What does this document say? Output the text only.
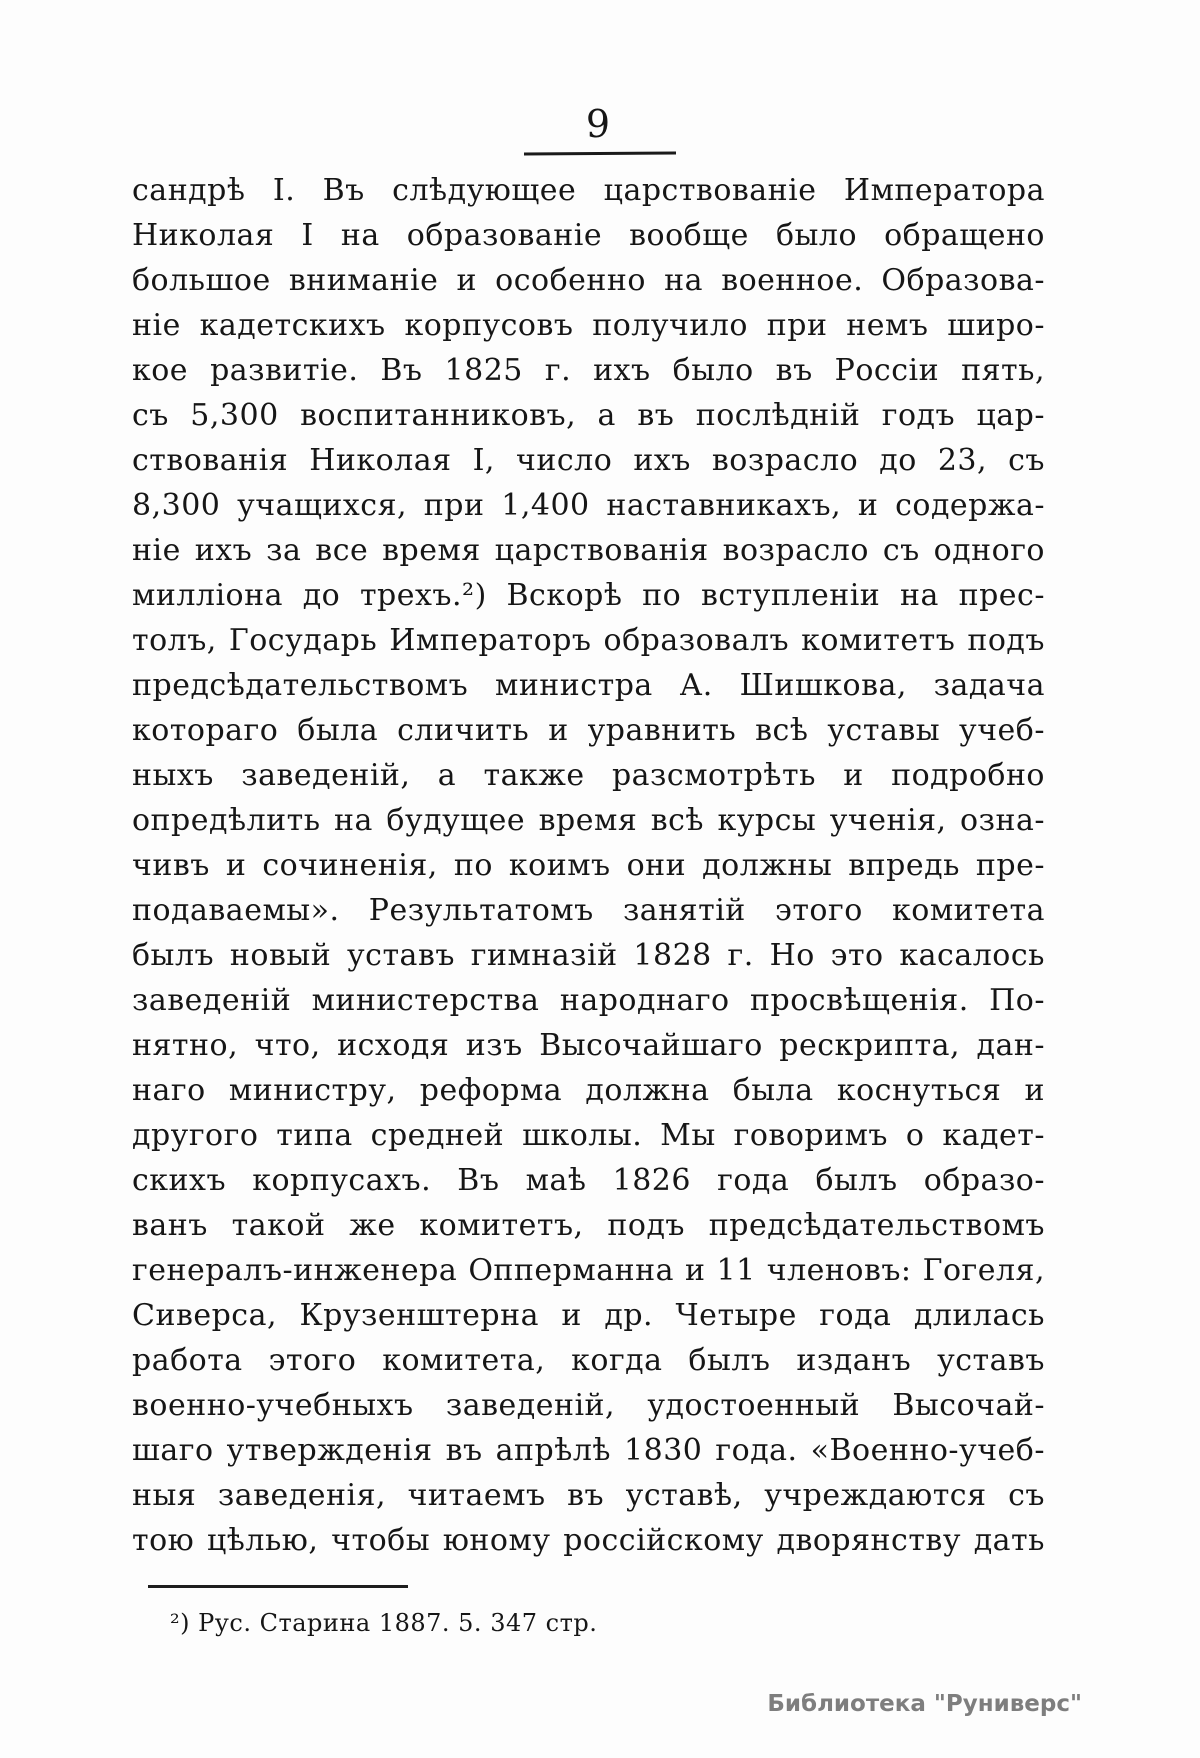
9
сандрѣ I. Въ слѣдующее царствованіе Императора
Николая I на образованіе вообще было обращено
большое вниманіе и особенно на военное. Образова-
ніе кадетскихъ корпусовъ получило при немъ широ-
кое развитіе. Въ 1825 г. ихъ было въ Россіи пять,
съ 5,300 воспитанниковъ, а въ послѣдній годъ цар-
ствованія Николая I, число ихъ возрасло до 23, съ
8,300 учащихся, при 1,400 наставникахъ, и содержа-
ніе ихъ за все время царствованія возрасло съ одного
милліона до трехъ.²) Вскорѣ по вступленіи на прес-
толъ, Государь Императоръ образовалъ комитетъ подъ
предсѣдательствомъ министра А. Шишкова, задача
котораго была сличить и уравнить всѣ уставы учеб-
ныхъ заведеній, а также разсмотрѣть и подробно
опредѣлить на будущее время всѣ курсы ученія, озна-
чивъ и сочиненія, по коимъ они должны впредь пре-
подаваемы». Результатомъ занятій этого комитета
былъ новый уставъ гимназій 1828 г. Но это касалось
заведеній министерства народнаго просвѣщенія. По-
нятно, что, исходя изъ Высочайшаго рескрипта, дан-
наго министру, реформа должна была коснуться и
другого типа средней школы. Мы говоримъ о кадет-
скихъ корпусахъ. Въ маѣ 1826 года былъ образо-
ванъ такой же комитетъ, подъ предсѣдательствомъ
генералъ-инженера Опперманна и 11 членовъ: Гогеля,
Сиверса, Крузенштерна и др. Четыре года длилась
работа этого комитета, когда былъ изданъ уставъ
военно-учебныхъ заведеній, удостоенный Высочай-
шаго утвержденія въ апрѣлѣ 1830 года. «Военно-учеб-
ныя заведенія, читаемъ въ уставѣ, учреждаются съ
тою цѣлью, чтобы юному россійскому дворянству дать
²) Рус. Старина 1887. 5. 347 стр.
Библиотека "Руниверс"
